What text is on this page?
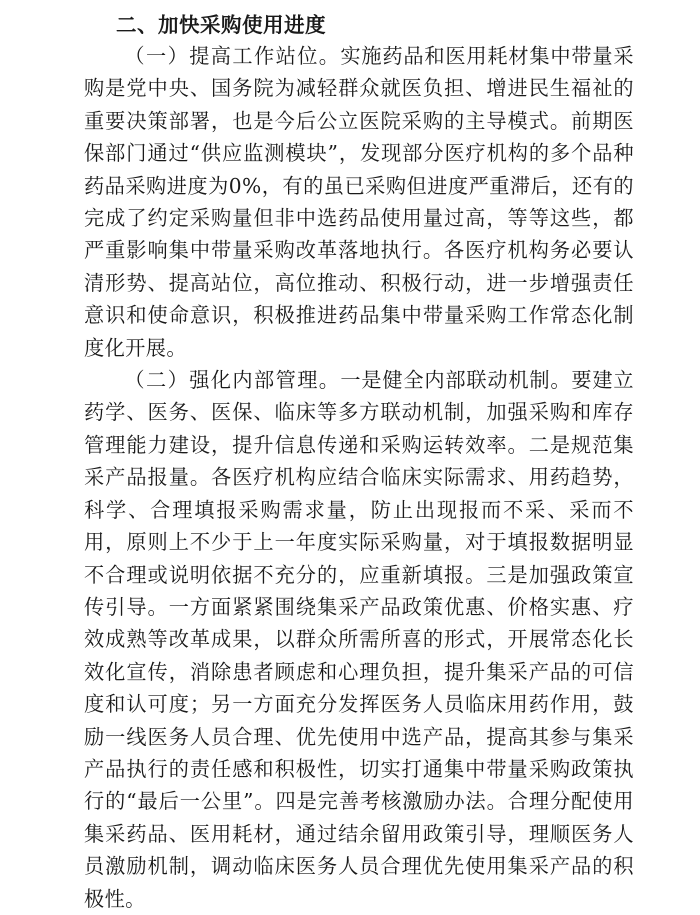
二、加快采购使用进度

（一）提高工作站位。实施药品和医用耗材集中带量采购是党中央、国务院为减轻群众就医负担、增进民生福祉的重要决策部署，也是今后公立医院采购的主导模式。前期医保部门通过“供应监测模块”，发现部分医疗机构的多个品种药品采购进度为0%，有的虽已采购但进度严重滞后，还有的完成了约定采购量但非中选药品使用量过高，等等这些，都严重影响集中带量采购改革落地执行。各医疗机构务必要认清形势、提高站位，高位推动、积极行动，进一步增强责任意识和使命意识，积极推进药品集中带量采购工作常态化制度化开展。

（二）强化内部管理。一是健全内部联动机制。要建立药学、医务、医保、临床等多方联动机制，加强采购和库存管理能力建设，提升信息传递和采购运转效率。二是规范集采产品报量。各医疗机构应结合临床实际需求、用药趋势，科学、合理填报采购需求量，防止出现报而不采、采而不用，原则上不少于上一年度实际采购量，对于填报数据明显不合理或说明依据不充分的，应重新填报。三是加强政策宣传引导。一方面紧紧围绕集采产品政策优惠、价格实惠、疗效成熟等改革成果，以群众所需所喜的形式，开展常态化长效化宣传，消除患者顾虑和心理负担，提升集采产品的可信度和认可度；另一方面充分发挥医务人员临床用药作用，鼓励一线医务人员合理、优先使用中选产品，提高其参与集采产品执行的责任感和积极性，切实打通集中带量采购政策执行的“最后一公里”。四是完善考核激励办法。合理分配使用集采药品、医用耗材，通过结余留用政策引导，理顺医务人员激励机制，调动临床医务人员合理优先使用集采产品的积极性。
